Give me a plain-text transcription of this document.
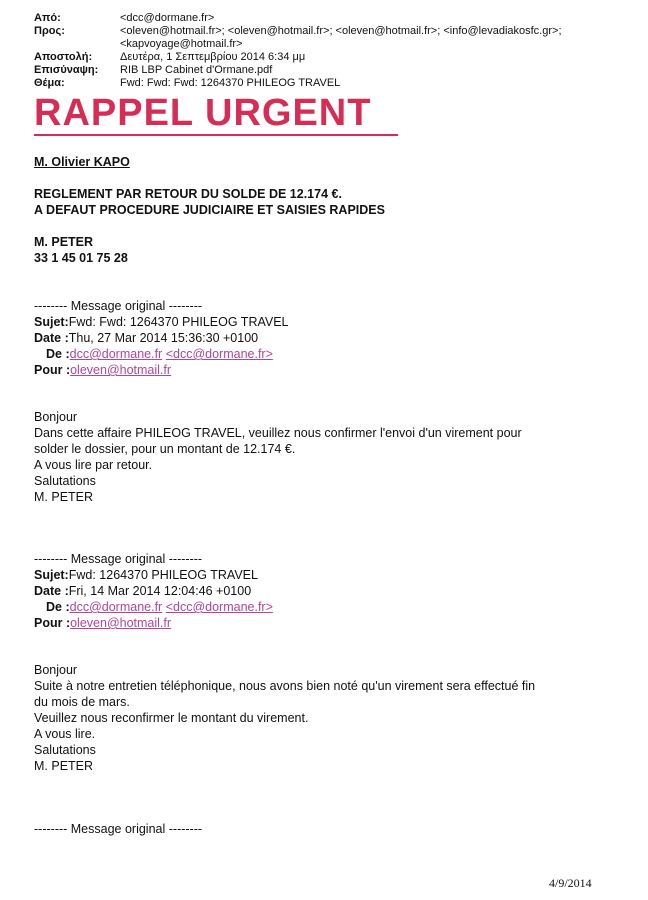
Από:	<dcc@dormane.fr>
Προς:	<oleven@hotmail.fr>; <oleven@hotmail.fr>; <oleven@hotmail.fr>; <info@levadiakosfc.gr>;
<kapvoyage@hotmail.fr>
Αποστολή:	Δευτέρα, 1 Σεπτεμβρίου 2014 6:34 μμ
Επισύναψη:	RIB LBP Cabinet d'Ormane.pdf
Θέμα:	Fwd: Fwd: Fwd: 1264370 PHILEOG TRAVEL
RAPPEL URGENT
M. Olivier KAPO
REGLEMENT PAR RETOUR DU SOLDE DE 12.174 €.
A DEFAUT PROCEDURE JUDICIAIRE ET SAISIES RAPIDES
M. PETER
33 1 45 01 75 28
-------- Message original --------
Sujet:Fwd: Fwd: 1264370 PHILEOG TRAVEL
Date :Thu, 27 Mar 2014 15:36:30 +0100
De :dcc@dormane.fr <dcc@dormane.fr>
Pour :oleven@hotmail.fr
Bonjour
Dans cette affaire PHILEOG TRAVEL, veuillez nous confirmer l'envoi d'un virement pour
solder le dossier, pour un montant de 12.174 €.
A vous lire par retour.
Salutations
M. PETER
-------- Message original --------
Sujet:Fwd: 1264370 PHILEOG TRAVEL
Date :Fri, 14 Mar 2014 12:04:46 +0100
De :dcc@dormane.fr <dcc@dormane.fr>
Pour :oleven@hotmail.fr
Bonjour
Suite à notre entretien téléphonique, nous avons bien noté qu'un virement sera effectué fin
du mois de mars.
Veuillez nous reconfirmer le montant du virement.
A vous lire.
Salutations
M. PETER
-------- Message original --------
4/9/2014
